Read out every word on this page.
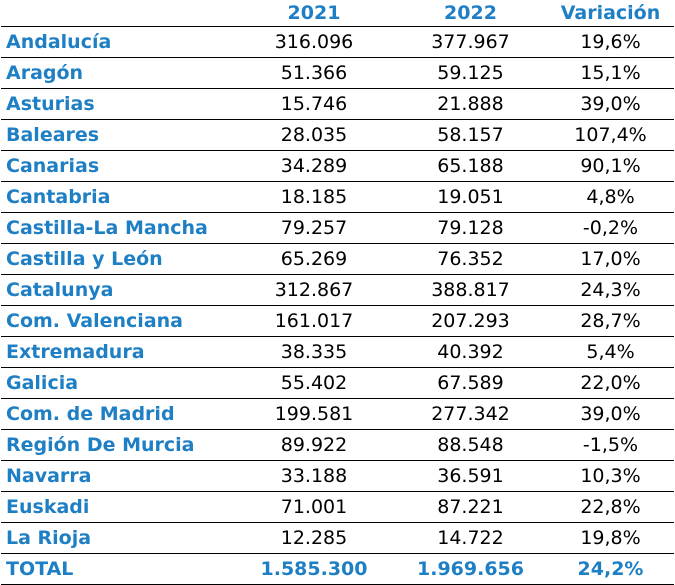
	2021	2022	Variación
Andalucía	316.096	377.967	19,6%
Aragón	51.366	59.125	15,1%
Asturias	15.746	21.888	39,0%
Baleares	28.035	58.157	107,4%
Canarias	34.289	65.188	90,1%
Cantabria	18.185	19.051	4,8%
Castilla-La Mancha	79.257	79.128	-0,2%
Castilla y León	65.269	76.352	17,0%
Catalunya	312.867	388.817	24,3%
Com. Valenciana	161.017	207.293	28,7%
Extremadura	38.335	40.392	5,4%
Galicia	55.402	67.589	22,0%
Com. de Madrid	199.581	277.342	39,0%
Región De Murcia	89.922	88.548	-1,5%
Navarra	33.188	36.591	10,3%
Euskadi	71.001	87.221	22,8%
La Rioja	12.285	14.722	19,8%
TOTAL	1.585.300	1.969.656	24,2%
